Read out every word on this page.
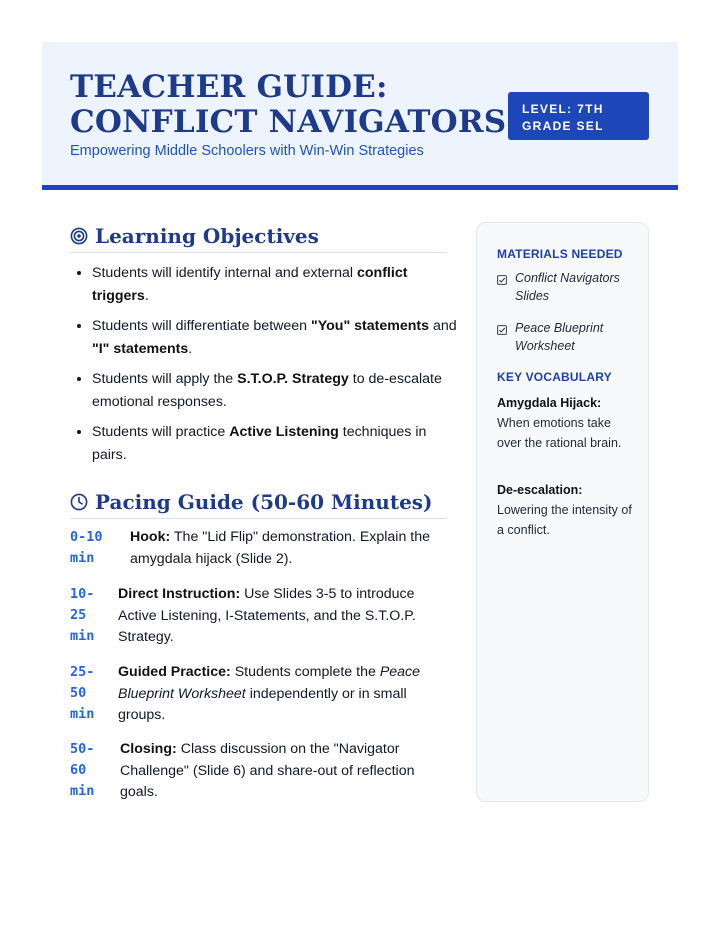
TEACHER GUIDE: CONFLICT NAVIGATORS
Empowering Middle Schoolers with Win-Win Strategies
LEVEL: 7TH GRADE SEL
Learning Objectives
• Students will identify internal and external conflict triggers.
• Students will differentiate between "You" statements and "I" statements.
• Students will apply the S.T.O.P. Strategy to de-escalate emotional responses.
• Students will practice Active Listening techniques in pairs.
Pacing Guide (50-60 Minutes)
0-10
min
Hook: The "Lid Flip" demonstration. Explain the amygdala hijack (Slide 2).
10-
25
min
Direct Instruction: Use Slides 3-5 to introduce Active Listening, I-Statements, and the S.T.O.P. Strategy.
25-
50
min
Guided Practice: Students complete the Peace Blueprint Worksheet independently or in small groups.
50-
60
min
Closing: Class discussion on the "Navigator Challenge" (Slide 6) and share-out of reflection goals.
MATERIALS NEEDED
Conflict Navigators Slides
Peace Blueprint Worksheet
KEY VOCABULARY
Amygdala Hijack:
When emotions take over the rational brain.
De-escalation:
Lowering the intensity of a conflict.
